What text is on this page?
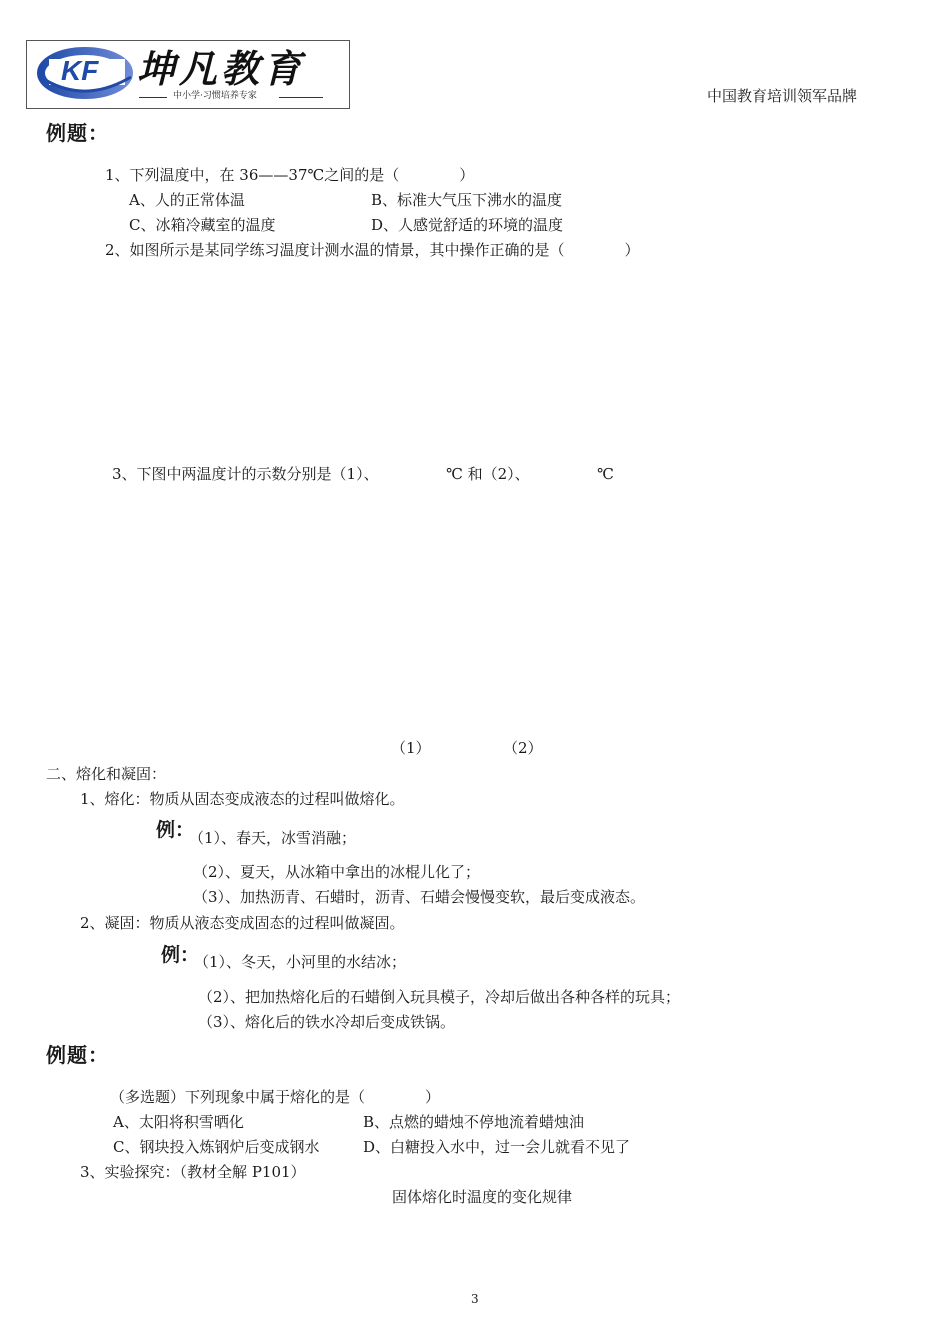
KF 坤凡教育
中小学·习惯培养专家	中国教育培训领军品牌
例题：
1、下列温度中，在 36——37℃之间的是（　　　　）
A、人的正常体温	B、标准大气压下沸水的温度
C、冰箱冷藏室的温度	D、人感觉舒适的环境的温度
2、如图所示是某同学练习温度计测水温的情景，其中操作正确的是（　　　　）
3、下图中两温度计的示数分别是（1）、　　　　　℃ 和（2）、　　　　　℃
（1）	（2）
二、熔化和凝固：
1、熔化：物质从固态变成液态的过程叫做熔化。
例：
（1）、春天，冰雪消融；
（2）、夏天，从冰箱中拿出的冰棍儿化了；
（3）、加热沥青、石蜡时，沥青、石蜡会慢慢变软，最后变成液态。
2、凝固：物质从液态变成固态的过程叫做凝固。
例：
（1）、冬天，小河里的水结冰；
（2）、把加热熔化后的石蜡倒入玩具模子，冷却后做出各种各样的玩具；
（3）、熔化后的铁水冷却后变成铁锅。
例题：
（多选题）下列现象中属于熔化的是（　　　　）
A、太阳将积雪晒化	B、点燃的蜡烛不停地流着蜡烛油
C、钢块投入炼钢炉后变成钢水	D、白糖投入水中，过一会儿就看不见了
3、实验探究：（教材全解 P101）
固体熔化时温度的变化规律
3
